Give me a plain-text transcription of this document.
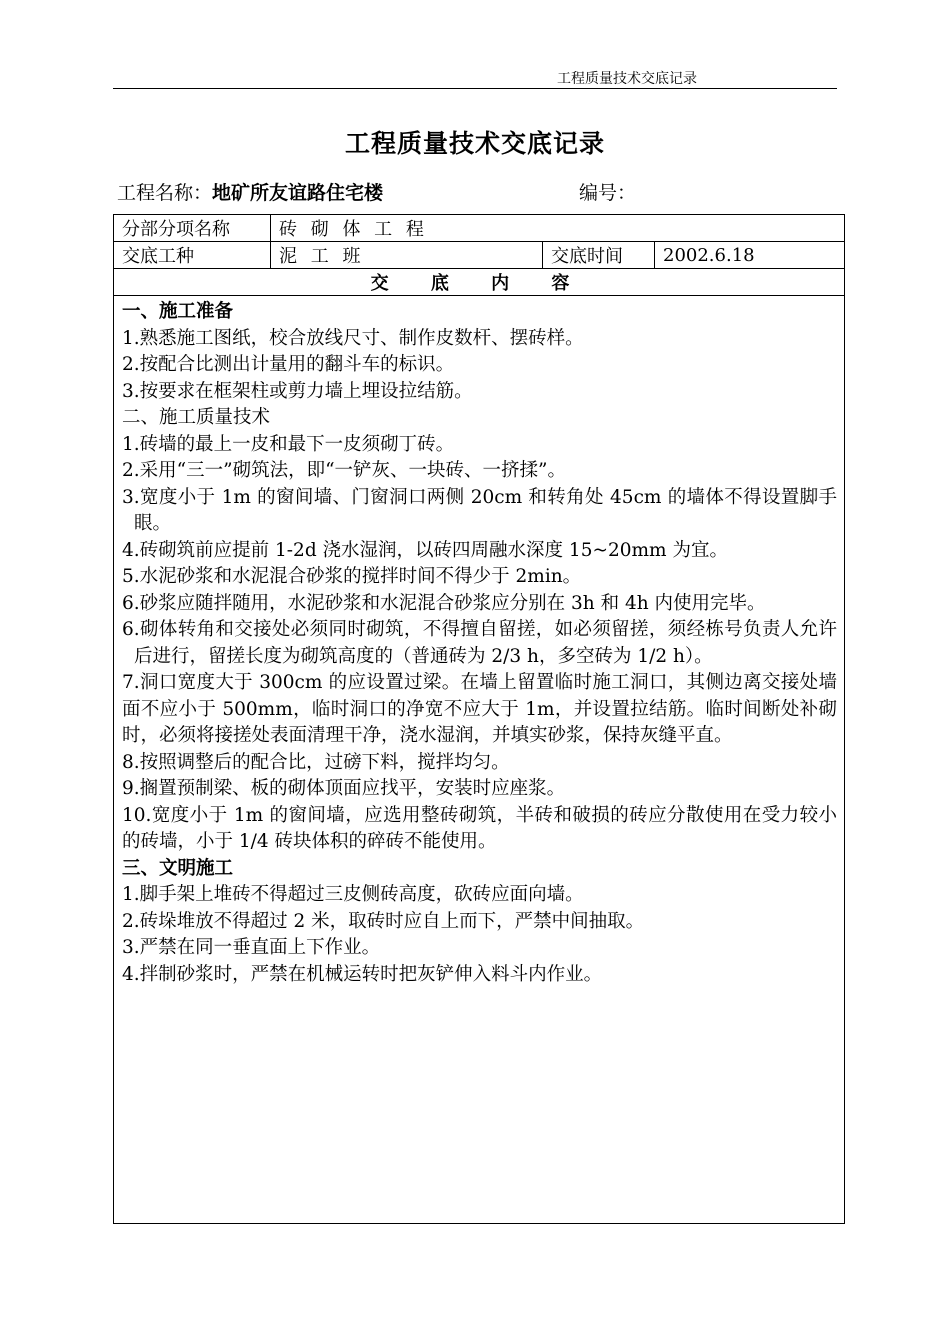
工程质量技术交底记录
工程质量技术交底记录
工程名称：地矿所友谊路住宅楼	编号：
分部分项名称	砖 砌 体 工 程		
交底工种	泥 工 班	交底时间	2002.6.18
交 底 内 容			

一、施工准备

1.熟悉施工图纸，校合放线尺寸、制作皮数杆、摆砖样。

2.按配合比测出计量用的翻斗车的标识。

3.按要求在框架柱或剪力墙上埋设拉结筋。

二、施工质量技术

1.砖墙的最上一皮和最下一皮须砌丁砖。

2.采用“三一”砌筑法，即“一铲灰、一块砖、一挤揉”。

3.宽度小于 1m 的窗间墙、门窗洞口两侧 20cm 和转角处 45cm 的墙体不得设置脚手眼。

4.砖砌筑前应提前 1-2d 浇水湿润，以砖四周融水深度 15~20mm 为宜。

5.水泥砂浆和水泥混合砂浆的搅拌时间不得少于 2min。

6.砂浆应随拌随用，水泥砂浆和水泥混合砂浆应分别在 3h 和 4h 内使用完毕。

6.砌体转角和交接处必须同时砌筑，不得擅自留搓，如必须留搓，须经栋号负责人允许后进行，留搓长度为砌筑高度的（普通砖为 2/3 h，多空砖为 1/2 h）。

7.洞口宽度大于 300cm 的应设置过梁。在墙上留置临时施工洞口，其侧边离交接处墙面不应小于 500mm，临时洞口的净宽不应大于 1m，并设置拉结筋。临时间断处补砌时，必须将接搓处表面清理干净，浇水湿润，并填实砂浆，保持灰缝平直。

8.按照调整后的配合比，过磅下料，搅拌均匀。

9.搁置预制梁、板的砌体顶面应找平，安装时应座浆。

10.宽度小于 1m 的窗间墙，应选用整砖砌筑，半砖和破损的砖应分散使用在受力较小的砖墙，小于 1/4 砖块体积的碎砖不能使用。

三、文明施工

1.脚手架上堆砖不得超过三皮侧砖高度，砍砖应面向墙。

2.砖垛堆放不得超过 2 米，取砖时应自上而下，严禁中间抽取。

3.严禁在同一垂直面上下作业。

4.拌制砂浆时，严禁在机械运转时把灰铲伸入料斗内作业。
